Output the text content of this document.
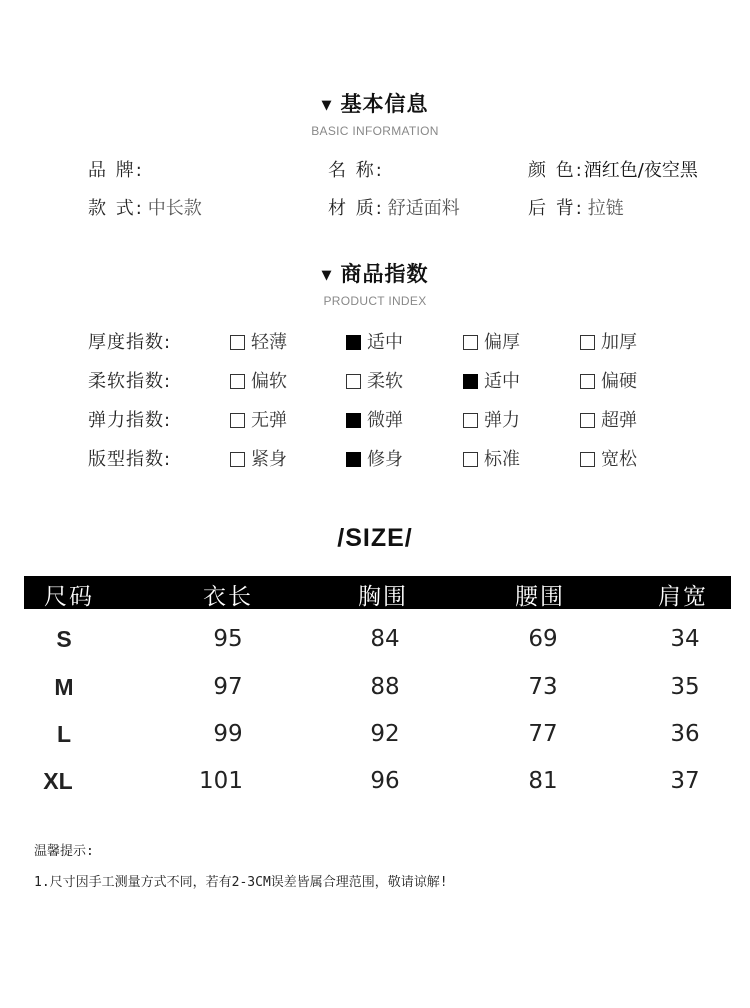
▼ 基本信息
BASIC INFORMATION
品 牌:	名 称:	颜 色:酒红色/夜空黑
款 式: 中长款	材 质: 舒适面料	后 背: 拉链
▼ 商品指数
PRODUCT INDEX
厚度指数:	轻薄	适中	偏厚	加厚
柔软指数:	偏软	柔软	适中	偏硬
弹力指数:	无弹	微弹	弹力	超弹
版型指数:	紧身	修身	标准	宽松
/SIZE/
尺码	衣长	胸围	腰围	肩宽
S	95	84	69	34
M	97	88	73	35
L	99	92	77	36
XL	101	96	81	37
温馨提示:
1.尺寸因手工测量方式不同，若有2-3CM误差皆属合理范围，敬请谅解!
